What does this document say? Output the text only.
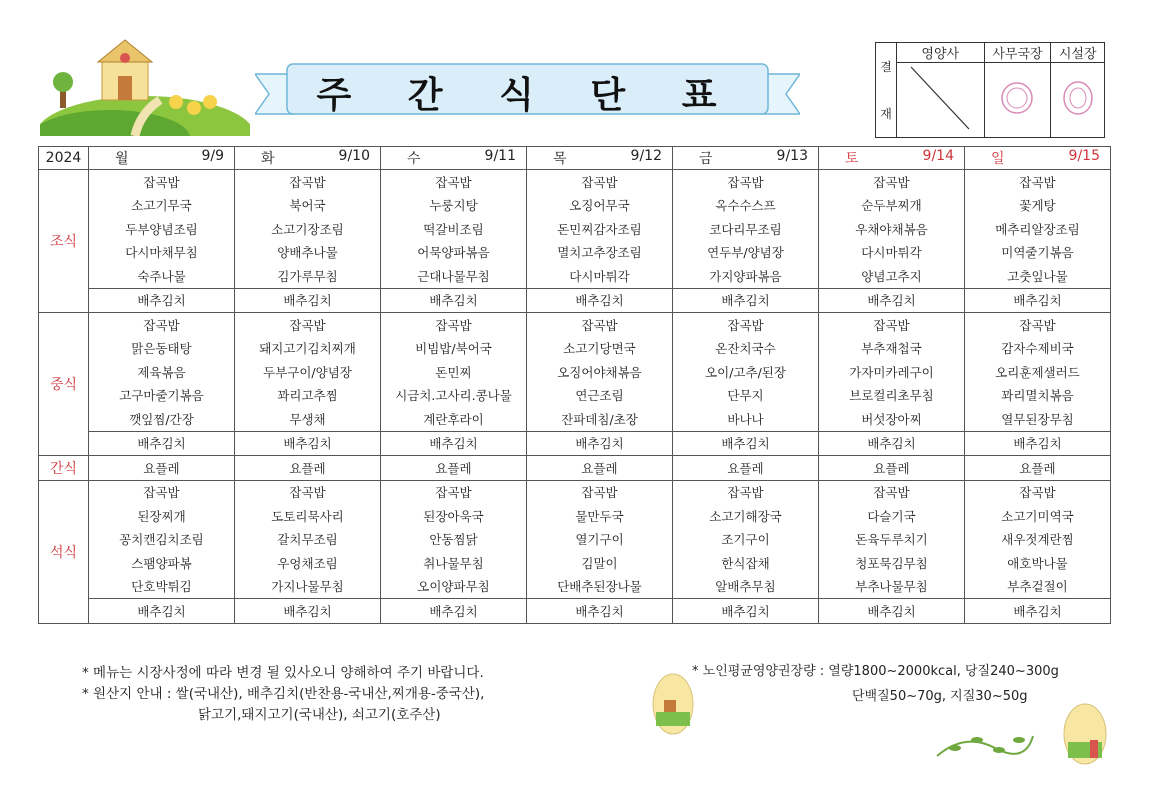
주 간 식 단 표
결
재	영양사	사무국장	시설장

2024	월 9/9	화 9/10	수 9/11	목 9/12	금 9/13	토 9/14	일 9/15

조식	잡곡밥	잡곡밥	잡곡밥	잡곡밥	잡곡밥	잡곡밥	잡곡밥
	소고기무국	북어국	누룽지탕	오징어무국	옥수수스프	순두부찌개	꽃게탕
	두부양념조림	소고기장조림	떡갈비조림	돈민찌감자조림	코다리무조림	우채야채볶음	메추리알장조림
	다시마채무침	양배추나물	어묵양파볶음	멸치고추장조림	연두부/양념장	다시마튀각	미역줄기볶음
	숙주나물	김가루무침	근대나물무침	다시마튀각	가지양파볶음	양념고추지	고춧잎나물
	배추김치	배추김치	배추김치	배추김치	배추김치	배추김치	배추김치
중식	잡곡밥	잡곡밥	잡곡밥	잡곡밥	잡곡밥	잡곡밥	잡곡밥
	맑은동태탕	돼지고기김치찌개	비빔밥/북어국	소고기당면국	온잔치국수	부추재첩국	감자수제비국
	제육볶음	두부구이/양념장	돈민찌	오징어야채볶음	오이/고추/된장	가자미카레구이	오리훈제샐러드
	고구마줄기볶음	꽈리고추찜	시금치.고사리.콩나물	연근조림	단무지	브로컬리초무침	꽈리멸치볶음
	깻잎찜/간장	무생채	계란후라이	잔파데침/초장	바나나	버섯장아찌	열무된장무침
	배추김치	배추김치	배추김치	배추김치	배추김치	배추김치	배추김치
간식	요플레	요플레	요플레	요플레	요플레	요플레	요플레
석식	잡곡밥	잡곡밥	잡곡밥	잡곡밥	잡곡밥	잡곡밥	잡곡밥
	된장찌개	도토리묵사리	된장아욱국	물만두국	소고기해장국	다슬기국	소고기미역국
	꽁치캔김치조림	갈치무조림	안동찜닭	열기구이	조기구이	돈육두루치기	새우젓계란찜
	스팸양파볶	우엉채조림	취나물무침	김말이	한식잡채	청포묵김무침	애호박나물
	단호박튀김	가지나물무침	오이양파무침	단배추된장나물	알배추무침	부추나물무침	부추겉절이
	배추김치	배추김치	배추김치	배추김치	배추김치	배추김치	배추김치
* 메뉴는 시장사정에 따라 변경 될 있사오니 양해하여 주기 바랍니다.
* 원산지 안내 : 쌀(국내산), 배추김치(반찬용-국내산,찌개용-중국산),
닭고기,돼지고기(국내산), 쇠고기(호주산)
* 노인평균영양권장량 : 열량1800~2000kcal, 당질240~300g
단백질50~70g, 지질30~50g
